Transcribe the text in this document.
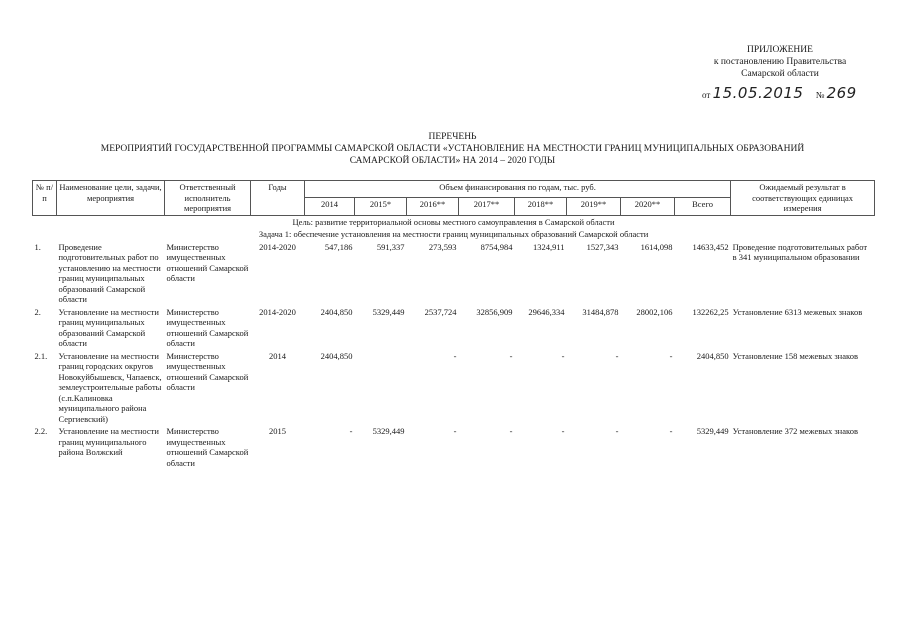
ПРИЛОЖЕНИЕ
к постановлению Правительства
Самарской области
от 15.05.2015 № 269
ПЕРЕЧЕНЬ
МЕРОПРИЯТИЙ ГОСУДАРСТВЕННОЙ ПРОГРАММЫ САМАРСКОЙ ОБЛАСТИ «УСТАНОВЛЕНИЕ НА МЕСТНОСТИ ГРАНИЦ МУНИЦИПАЛЬНЫХ ОБРАЗОВАНИЙ
САМАРСКОЙ ОБЛАСТИ» НА 2014 – 2020 ГОДЫ
№ п/п	Наименование цели, задачи, мероприятия	Ответственный исполнитель мероприятия	Годы	Объем финансирования по годам, тыс. руб.								Ожидаемый результат в соответствующих единицах измерения
				2014	2015*	2016**	2017**	2018**	2019**	2020**	Всего	
Цель: развитие территориальной основы местного самоуправления в Самарской области												
Задача 1: обеспечение установления на местности границ муниципальных образований Самарской области												
1.	Проведение подготовительных работ по установлению на местности границ муниципальных образований Самарской области	Министерство имущественных отношений Самарской области	2014-2020	547,186	591,337	273,593	8754,984	1324,911	1527,343	1614,098	14633,452	Проведение подготовительных работ в 341 муниципальном образовании
2.	Установление на местности границ муниципальных образований Самарской области	Министерство имущественных отношений Самарской области	2014-2020	2404,850	5329,449	2537,724	32856,909	29646,334	31484,878	28002,106	132262,25	Установление 6313 межевых знаков
2.1.	Установление на местности границ городских округов Новокуйбышевск, Чапаевск, землеустроительные работы (с.п.Калиновка муниципального района Сергиевский)	Министерство имущественных отношений Самарской области	2014	2404,850		-	-	-	-	-	2404,850	Установление 158 межевых знаков
2.2.	Установление на местности границ муниципального района Волжский	Министерство имущественных отношений Самарской области	2015	-	5329,449	-	-	-	-	-	5329,449	Установление 372 межевых знаков
